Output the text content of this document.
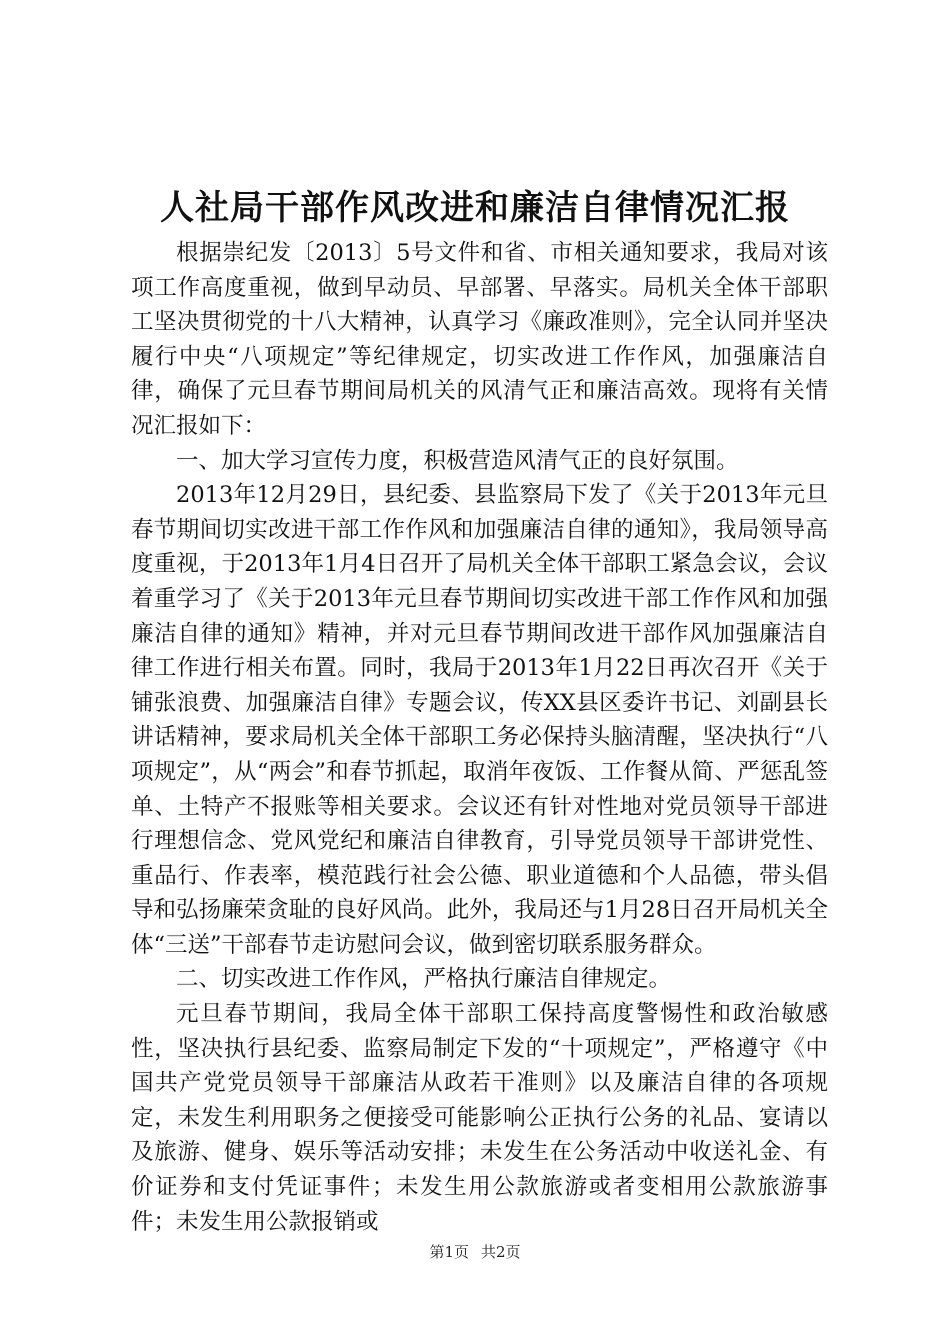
人社局干部作风改进和廉洁自律情况汇报

根据崇纪发〔2013〕5号文件和省、市相关通知要求，我局对该项工作高度重视，做到早动员、早部署、早落实。局机关全体干部职工坚决贯彻党的十八大精神，认真学习《廉政准则》，完全认同并坚决履行中央“八项规定”等纪律规定，切实改进工作作风，加强廉洁自律，确保了元旦春节期间局机关的风清气正和廉洁高效。现将有关情况汇报如下：

一、加大学习宣传力度，积极营造风清气正的良好氛围。

2013年12月29日，县纪委、县监察局下发了《关于2013年元旦春节期间切实改进干部工作作风和加强廉洁自律的通知》，我局领导高度重视，于2013年1月4日召开了局机关全体干部职工紧急会议，会议着重学习了《关于2013年元旦春节期间切实改进干部工作作风和加强廉洁自律的通知》精神，并对元旦春节期间改进干部作风加强廉洁自律工作进行相关布置。同时，我局于2013年1月22日再次召开《关于铺张浪费、加强廉洁自律》专题会议，传XX县区委许书记、刘副县长讲话精神，要求局机关全体干部职工务必保持头脑清醒，坚决执行“八项规定”，从“两会”和春节抓起，取消年夜饭、工作餐从简、严惩乱签单、土特产不报账等相关要求。会议还有针对性地对党员领导干部进行理想信念、党风党纪和廉洁自律教育，引导党员领导干部讲党性、重品行、作表率，模范践行社会公德、职业道德和个人品德，带头倡导和弘扬廉荣贪耻的良好风尚。此外，我局还与1月28日召开局机关全体“三送”干部春节走访慰问会议，做到密切联系服务群众。

二、切实改进工作作风，严格执行廉洁自律规定。

元旦春节期间，我局全体干部职工保持高度警惕性和政治敏感性，坚决执行县纪委、监察局制定下发的“十项规定”，严格遵守《中国共产党党员领导干部廉洁从政若干准则》以及廉洁自律的各项规定，未发生利用职务之便接受可能影响公正执行公务的礼品、宴请以及旅游、健身、娱乐等活动安排；未发生在公务活动中收送礼金、有价证券和支付凭证事件；未发生用公款旅游或者变相用公款旅游事件；未发生用公款报销或

第1页 共2页
